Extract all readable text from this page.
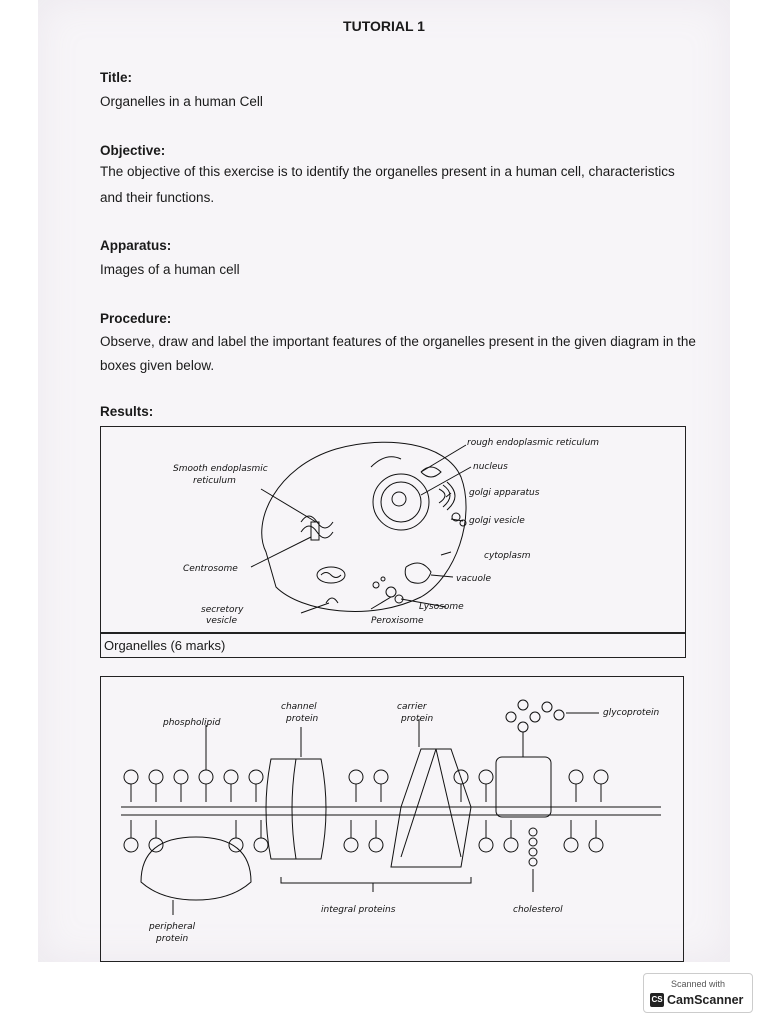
TUTORIAL 1
Title:
Organelles in a human Cell
Objective:
The objective of this exercise is to identify the organelles present in a human cell, characteristics
and their functions.
Apparatus:
Images of a human cell
Procedure:
Observe, draw and label the important features of the organelles present in the given diagram in the
boxes given below.
Results:
rough endoplasmic reticulum
Smooth endoplasmic
reticulum
nucleus
golgi apparatus
golgi vesicle
cytoplasm
Centrosome
vacuole
Lysosome
secretory
vesicle	Peroxisome
Organelles (6 marks)
phospholipid
channel
protein
carrier
protein
glycoprotein
integral proteins	cholesterol
peripheral
protein
Scanned with
CS CamScanner
